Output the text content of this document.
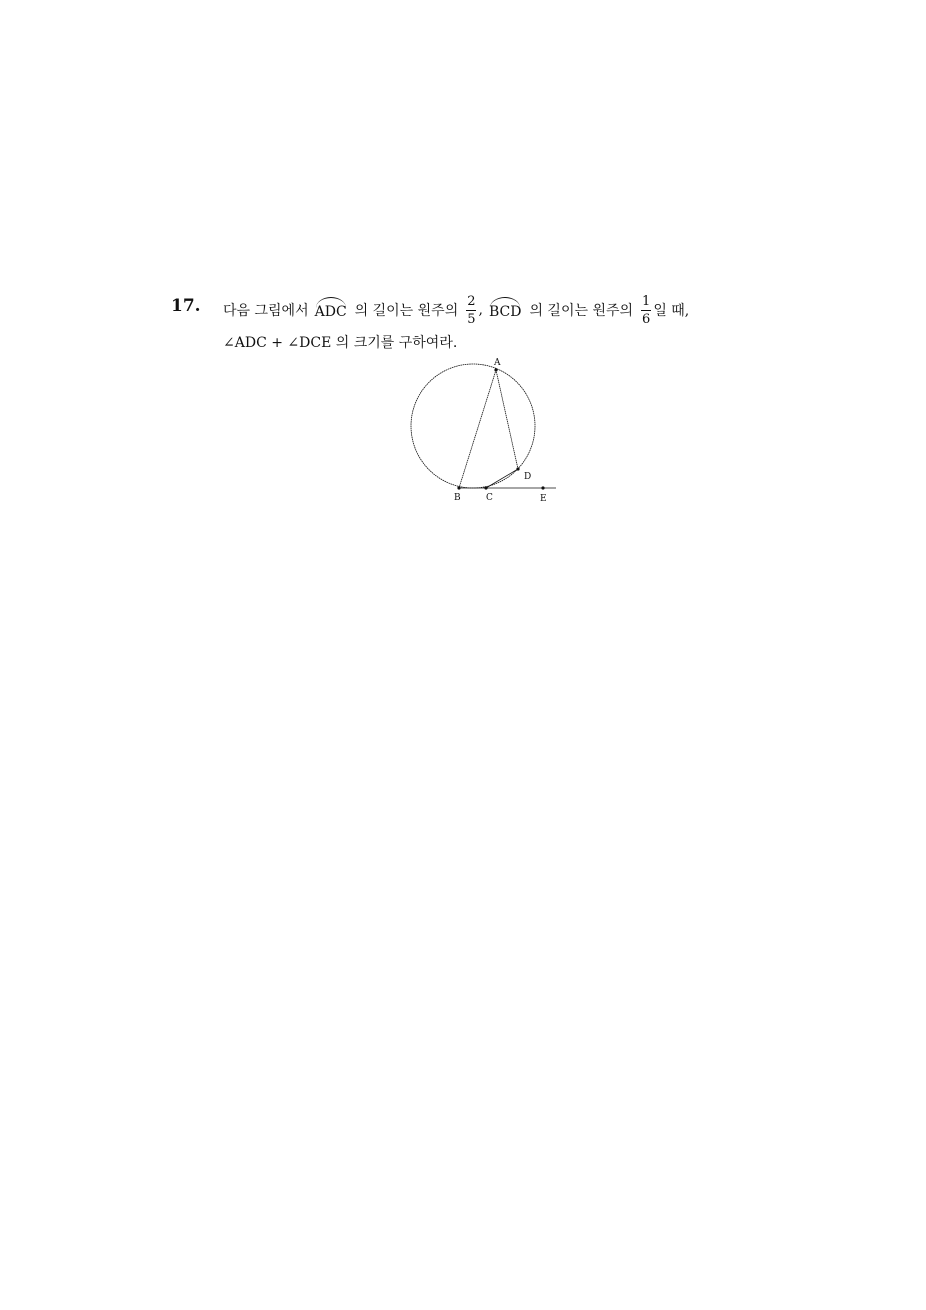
17. 다음 그림에서 ADC 의 길이는 원주의 $\frac{2}{5}$ , BCD 의 길이는 원주의 $\frac{1}{6}$ 일 때,
∠ADC + ∠DCE 의 크기를 구하여라.
A
B	C
D
E
